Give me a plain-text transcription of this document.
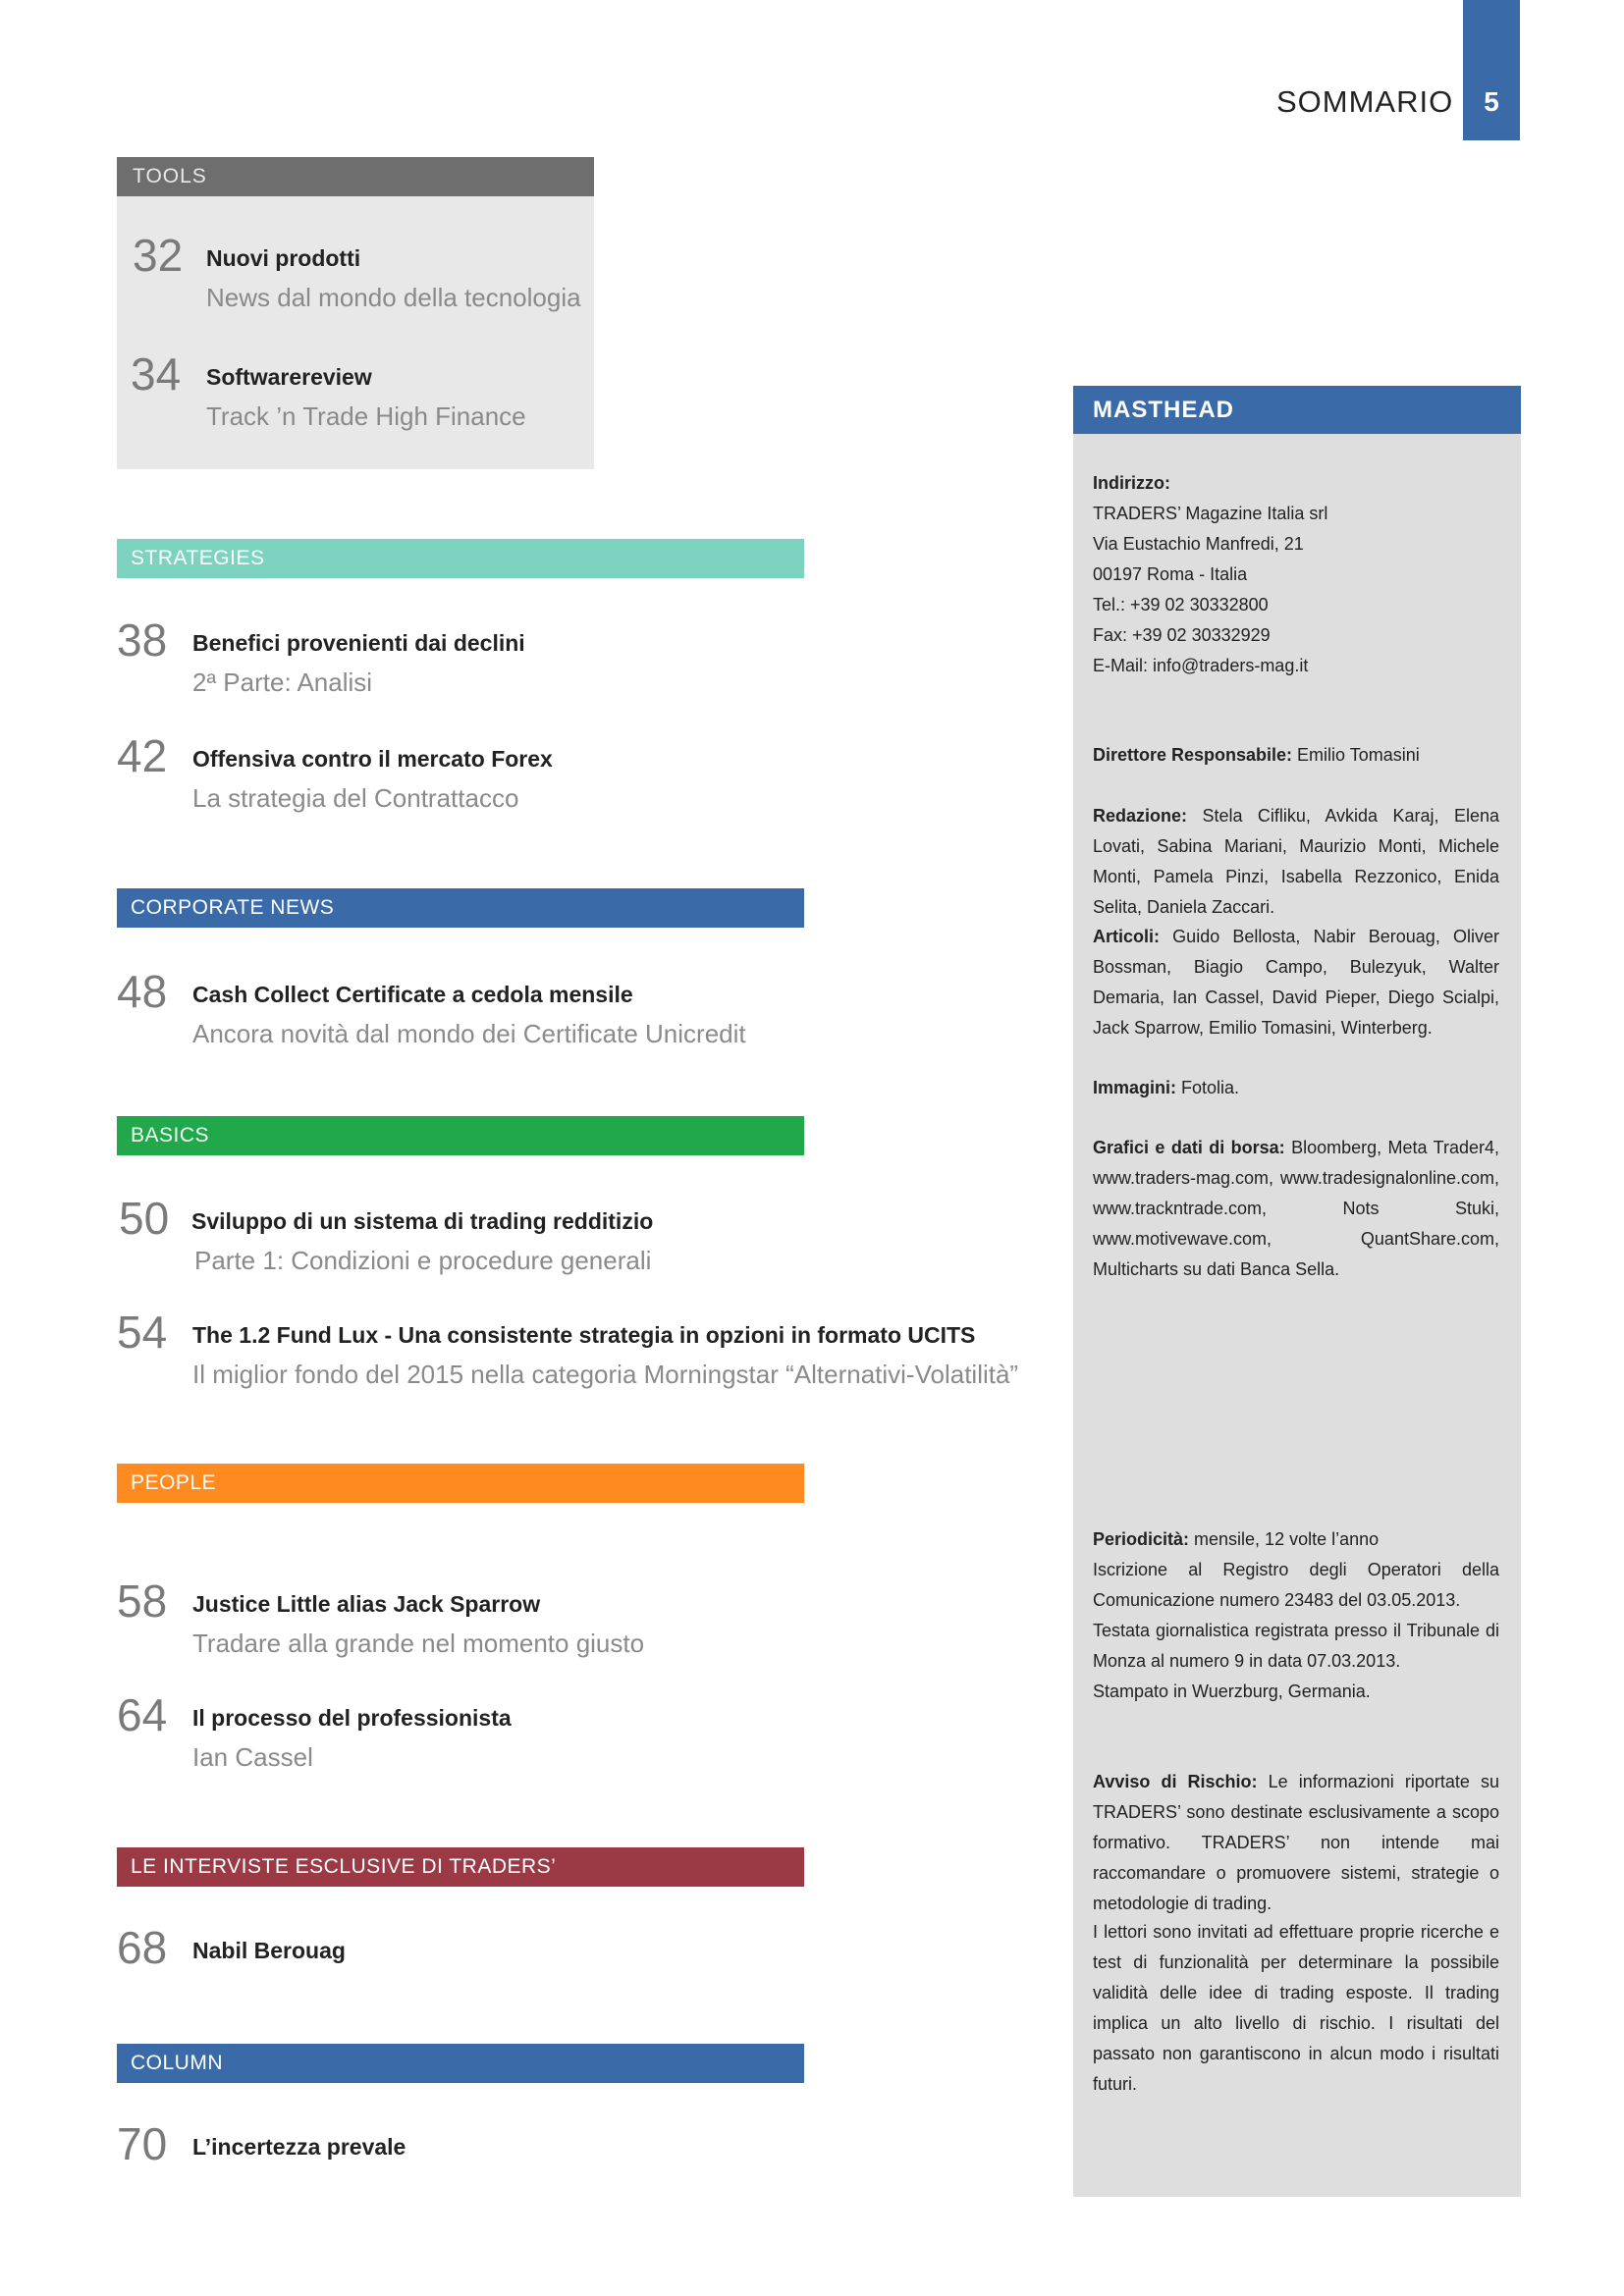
SOMMARIO	5
TOOLS
32 Nuovi prodotti
News dal mondo della tecnologia
34 Softwarereview
Track ’n Trade High Finance
STRATEGIES
38 Benefici provenienti dai declini
2ª Parte: Analisi
42 Offensiva contro il mercato Forex
La strategia del Contrattacco
CORPORATE NEWS
48 Cash Collect Certificate a cedola mensile
Ancora novità dal mondo dei Certificate Unicredit
BASICS
50 Sviluppo di un sistema di trading redditizio
Parte 1: Condizioni e procedure generali
54 The 1.2 Fund Lux - Una consistente strategia in opzioni in formato UCITS
Il miglior fondo del 2015 nella categoria Morningstar “Alternativi-Volatilità”
PEOPLE
58 Justice Little alias Jack Sparrow
Tradare alla grande nel momento giusto
64 Il processo del professionista
Ian Cassel
LE INTERVISTE ESCLUSIVE DI TRADERS’
68 Nabil Berouag
COLUMN
70 L’incertezza prevale
MASTHEAD
Indirizzo:
TRADERS’ Magazine Italia srl
Via Eustachio Manfredi, 21
00197 Roma - Italia
Tel.: +39 02 30332800
Fax: +39 02 30332929
E-Mail: info@traders-mag.it
Direttore Responsabile: Emilio Tomasini
Redazione: Stela Cifliku, Avkida Karaj, Elena Lovati, Sabina Mariani, Maurizio Monti, Michele Monti, Pamela Pinzi, Isabella Rezzonico, Enida Selita, Daniela Zaccari.
Articoli: Guido Bellosta, Nabir Berouag, Oliver Bossman, Biagio Campo, Bulezyuk, Walter Demaria, Ian Cassel, David Pieper, Diego Scialpi, Jack Sparrow, Emilio Tomasini, Winterberg.
Immagini: Fotolia.
Grafici e dati di borsa: Bloomberg, Meta Trader4, www.traders-mag.com, www.tradesignalonline.com, www.trackntrade.com, Nots Stuki, www.motivewave.com, QuantShare.com, Multicharts su dati Banca Sella.
Periodicità: mensile, 12 volte l’anno
Iscrizione al Registro degli Operatori della Comunicazione numero 23483 del 03.05.2013.
Testata giornalistica registrata presso il Tribunale di Monza al numero 9 in data 07.03.2013.
Stampato in Wuerzburg, Germania.
Avviso di Rischio: Le informazioni riportate su TRADERS’ sono destinate esclusivamente a scopo formativo. TRADERS’ non intende mai raccomandare o promuovere sistemi, strategie o metodologie di trading.
I lettori sono invitati ad effettuare proprie ricerche e test di funzionalità per determinare la possibile validità delle idee di trading esposte. Il trading implica un alto livello di rischio. I risultati del passato non garantiscono in alcun modo i risultati futuri.
